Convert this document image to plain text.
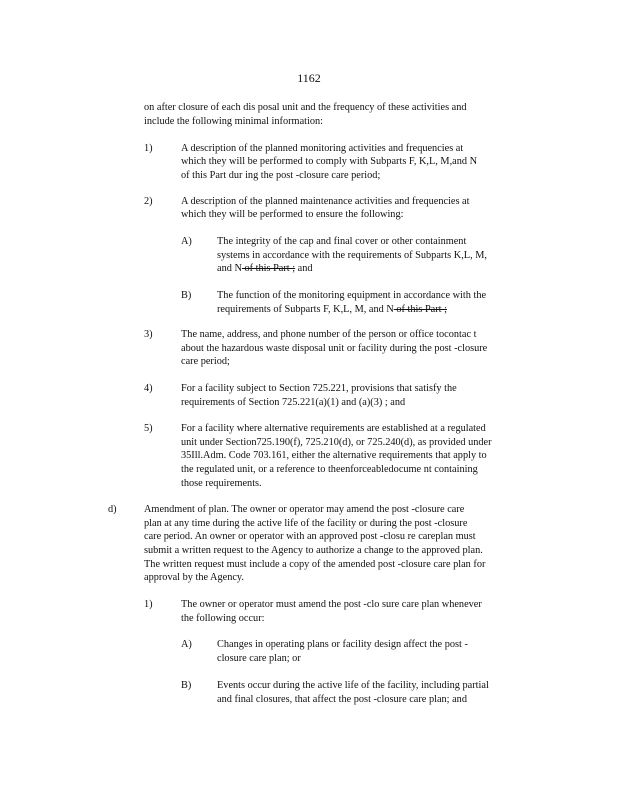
1162
on after closure of each dis posal unit and the frequency of these activities and
include the following minimal information:
1)	A description of the planned monitoring activities and frequencies at
which they will be performed to comply with Subparts F, K,L, M,and N
of this Part dur ing the post -closure care period;
2)	A description of the planned maintenance activities and frequencies at
which they will be performed to ensure the following:
A) The integrity of the cap and final cover or other containment
systems in accordance with the requirements of Subparts K,L, M,
and N of this Part ; and
B) The function of the monitoring equipment in accordance with the
requirements of Subparts F, K,L, M, and N of this Part ;
3)	The name, address, and phone number of the person or office tocontac t
about the hazardous waste disposal unit or facility during the post -closure
care period;
4)	For a facility subject to Section 725.221, provisions that satisfy the
requirements of Section 725.221(a)(1) and (a)(3) ; and
5)	For a facility where alternative requirements are established at a regulated
unit under Section725.190(f), 725.210(d), or 725.240(d), as provided under
35Ill.Adm. Code 703.161, either the alternative requirements that apply to
the regulated unit, or a reference to theenforceabledocume nt containing
those requirements.
d)	Amendment of plan. The owner or operator may amend the post -closure care
plan at any time during the active life of the facility or during the post -closure
care period. An owner or operator with an approved post -closu re careplan must
submit a written request to the Agency to authorize a change to the approved plan.
The written request must include a copy of the amended post -closure care plan for
approval by the Agency.
1)	The owner or operator must amend the post -clo sure care plan whenever
the following occur:
A) Changes in operating plans or facility design affect the post -
closure care plan; or
B) Events occur during the active life of the facility, including partial
and final closures, that affect the post -closure care plan; and
